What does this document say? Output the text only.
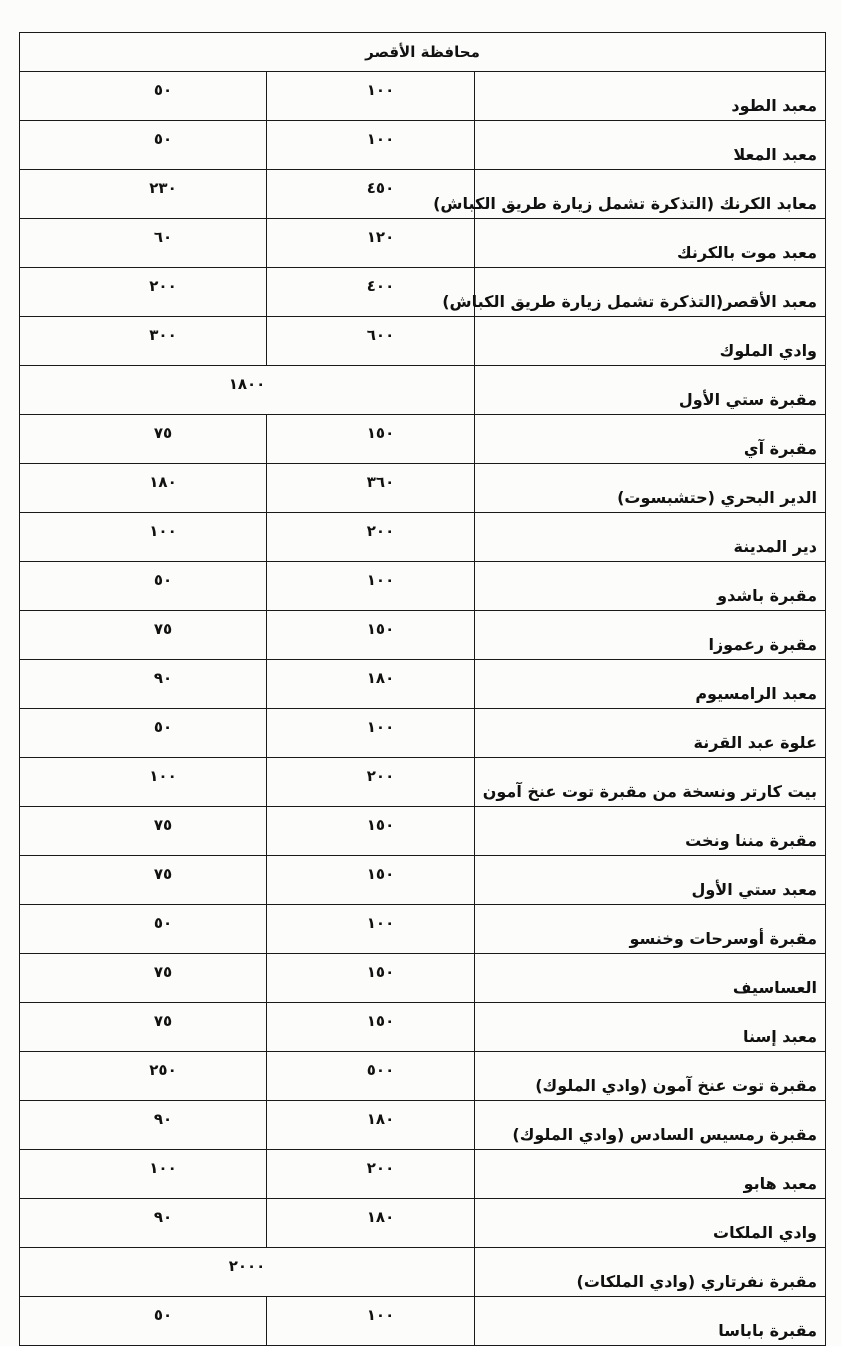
محافظة الأقصر		
٥٠	١٠٠	معبد الطود
٥٠	١٠٠	معبد المعلا
٢٣٠	٤٥٠	معابد الكرنك (التذكرة تشمل زيارة طريق الكباش)
٦٠	١٢٠	معبد موت بالكرنك
٢٠٠	٤٠٠	معبد الأقصر(التذكرة تشمل زيارة طريق الكباش)
٣٠٠	٦٠٠	وادي الملوك
١٨٠٠		مقبرة ستي الأول
٧٥	١٥٠	مقبرة آي
١٨٠	٣٦٠	الدير البحري (حتشبسوت)
١٠٠	٢٠٠	دير المدينة
٥٠	١٠٠	مقبرة باشدو
٧٥	١٥٠	مقبرة رعموزا
٩٠	١٨٠	معبد الرامسيوم
٥٠	١٠٠	علوة عبد القرنة
١٠٠	٢٠٠	بيت كارتر ونسخة من مقبرة توت عنخ آمون
٧٥	١٥٠	مقبرة مننا ونخت
٧٥	١٥٠	معبد ستي الأول
٥٠	١٠٠	مقبرة أوسرحات وخنسو
٧٥	١٥٠	العساسيف
٧٥	١٥٠	معبد إسنا
٢٥٠	٥٠٠	مقبرة توت عنخ آمون (وادي الملوك)
٩٠	١٨٠	مقبرة رمسيس السادس (وادي الملوك)
١٠٠	٢٠٠	معبد هابو
٩٠	١٨٠	وادي الملكات
٢٠٠٠		مقبرة نفرتاري (وادي الملكات)
٥٠	١٠٠	مقبرة باباسا
